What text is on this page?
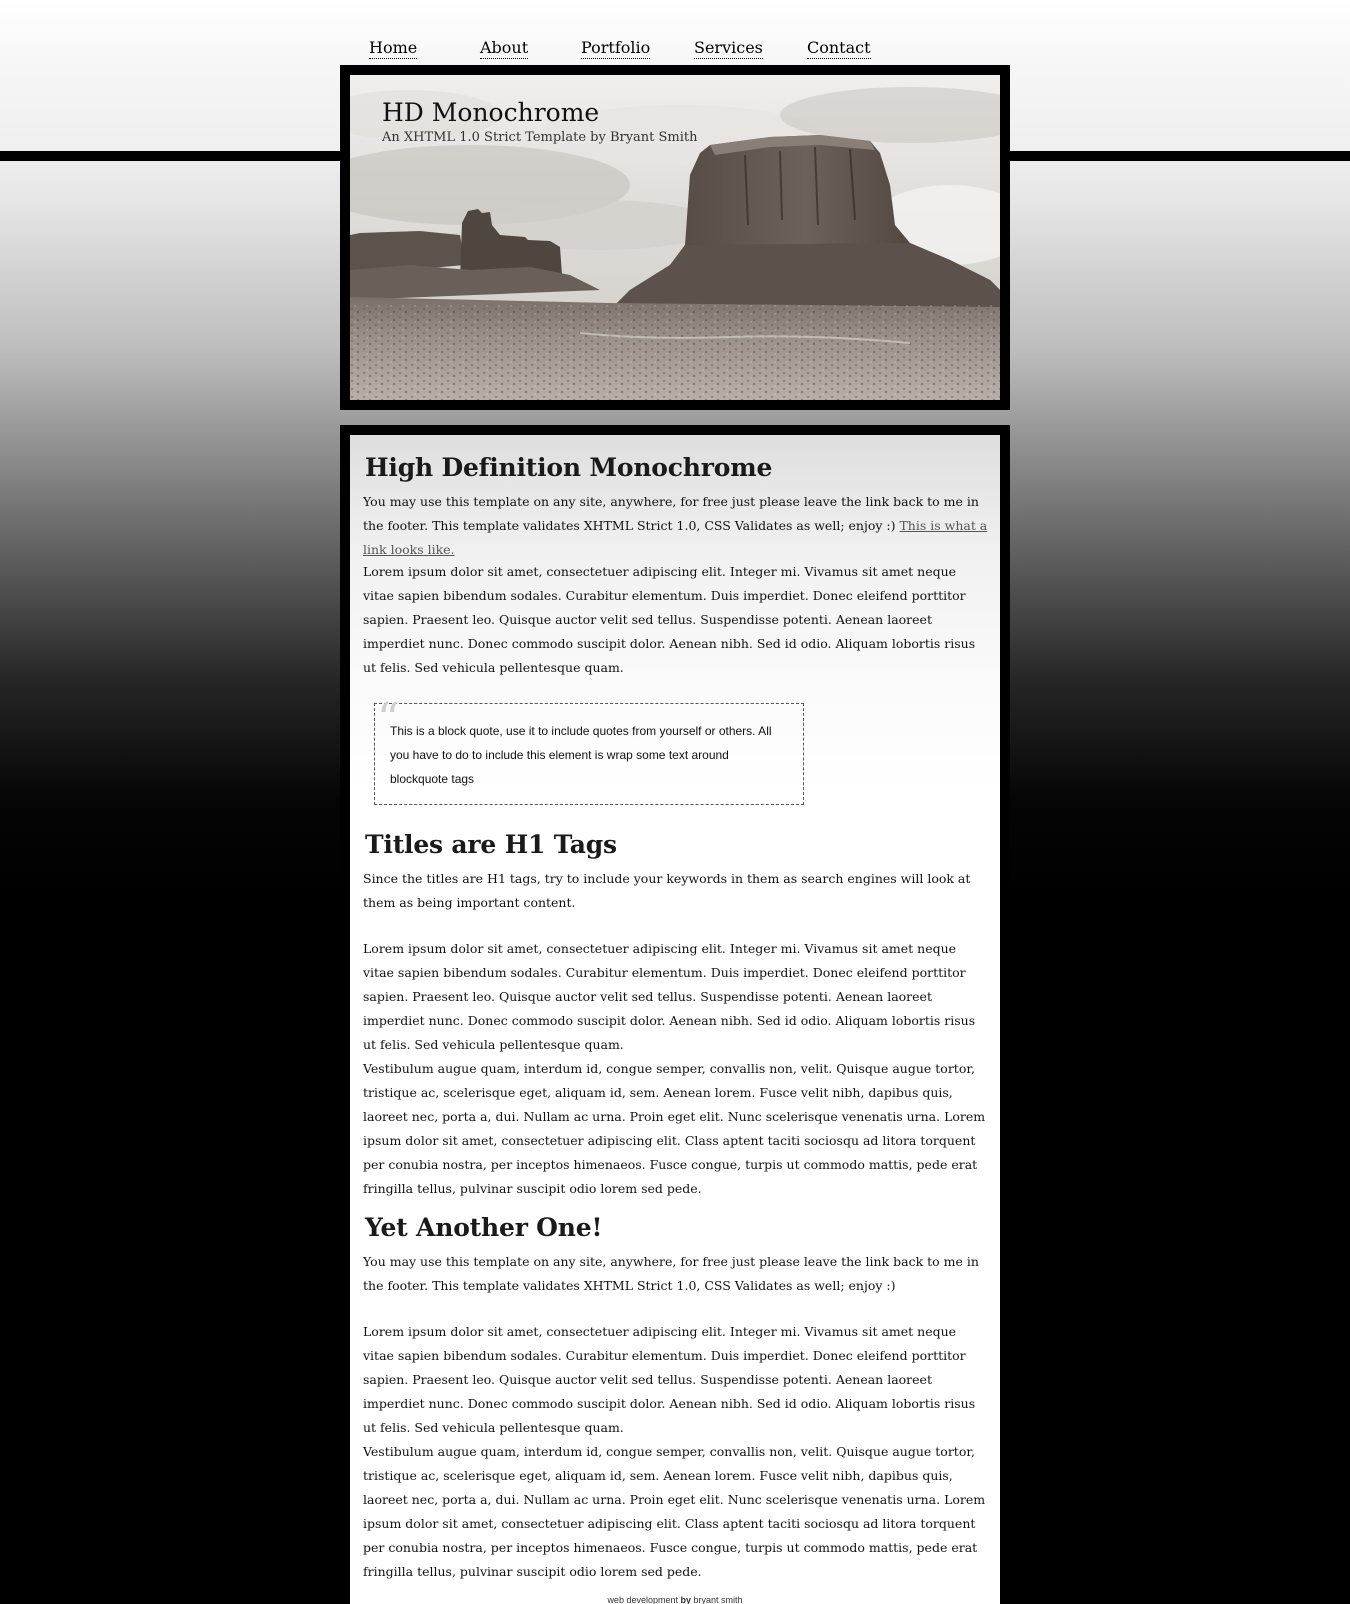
Home	About	Portfolio	Services	Contact
HD Monochrome
An XHTML 1.0 Strict Template by Bryant Smith
High Definition Monochrome

You may use this template on any site, anywhere, for free just please leave the link back to me in the footer. This template validates XHTML Strict 1.0, CSS Validates as well; enjoy :) This is what a link looks like.

Lorem ipsum dolor sit amet, consectetuer adipiscing elit. Integer mi. Vivamus sit amet neque vitae sapien bibendum sodales. Curabitur elementum. Duis imperdiet. Donec eleifend porttitor sapien. Praesent leo. Quisque auctor velit sed tellus. Suspendisse potenti. Aenean laoreet imperdiet nunc. Donec commodo suscipit dolor. Aenean nibh. Sed id odio. Aliquam lobortis risus ut felis. Sed vehicula pellentesque quam.

“
This is a block quote, use it to include quotes from yourself or others. All you have to do to include this element is wrap some text around blockquote tags
Titles are H1 Tags

Since the titles are H1 tags, try to include your keywords in them as search engines will look at them as being important content.

Lorem ipsum dolor sit amet, consectetuer adipiscing elit. Integer mi. Vivamus sit amet neque vitae sapien bibendum sodales. Curabitur elementum. Duis imperdiet. Donec eleifend porttitor sapien. Praesent leo. Quisque auctor velit sed tellus. Suspendisse potenti. Aenean laoreet imperdiet nunc. Donec commodo suscipit dolor. Aenean nibh. Sed id odio. Aliquam lobortis risus ut felis. Sed vehicula pellentesque quam.

Vestibulum augue quam, interdum id, congue semper, convallis non, velit. Quisque augue tortor, tristique ac, scelerisque eget, aliquam id, sem. Aenean lorem. Fusce velit nibh, dapibus quis, laoreet nec, porta a, dui. Nullam ac urna. Proin eget elit. Nunc scelerisque venenatis urna. Lorem ipsum dolor sit amet, consectetuer adipiscing elit. Class aptent taciti sociosqu ad litora torquent per conubia nostra, per inceptos himenaeos. Fusce congue, turpis ut commodo mattis, pede erat fringilla tellus, pulvinar suscipit odio lorem sed pede.

Yet Another One!

You may use this template on any site, anywhere, for free just please leave the link back to me in the footer. This template validates XHTML Strict 1.0, CSS Validates as well; enjoy :)

Lorem ipsum dolor sit amet, consectetuer adipiscing elit. Integer mi. Vivamus sit amet neque vitae sapien bibendum sodales. Curabitur elementum. Duis imperdiet. Donec eleifend porttitor sapien. Praesent leo. Quisque auctor velit sed tellus. Suspendisse potenti. Aenean laoreet imperdiet nunc. Donec commodo suscipit dolor. Aenean nibh. Sed id odio. Aliquam lobortis risus ut felis. Sed vehicula pellentesque quam.

Vestibulum augue quam, interdum id, congue semper, convallis non, velit. Quisque augue tortor, tristique ac, scelerisque eget, aliquam id, sem. Aenean lorem. Fusce velit nibh, dapibus quis, laoreet nec, porta a, dui. Nullam ac urna. Proin eget elit. Nunc scelerisque venenatis urna. Lorem ipsum dolor sit amet, consectetuer adipiscing elit. Class aptent taciti sociosqu ad litora torquent per conubia nostra, per inceptos himenaeos. Fusce congue, turpis ut commodo mattis, pede erat fringilla tellus, pulvinar suscipit odio lorem sed pede.

web development by bryant smith
